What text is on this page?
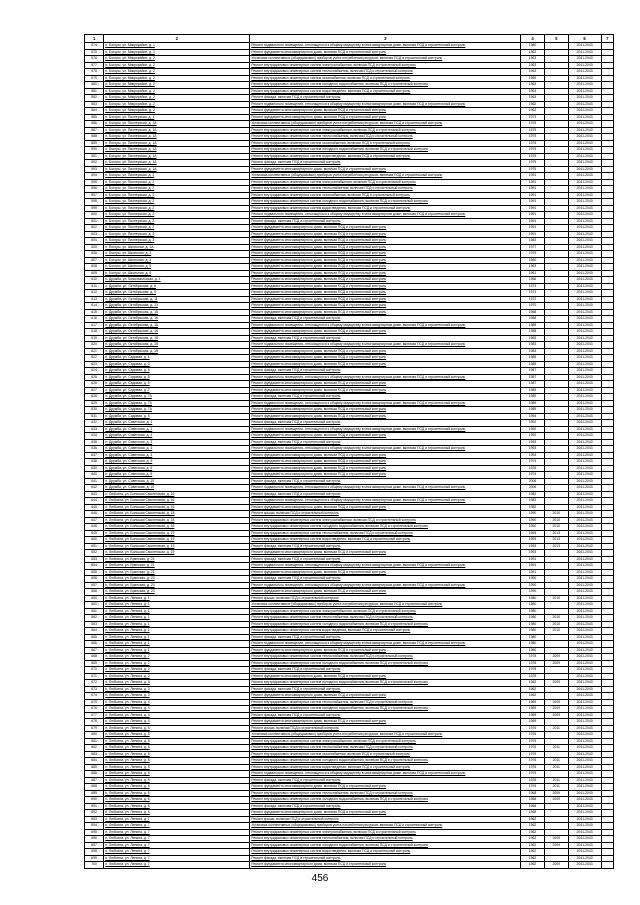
1	2	3	4	5	6	7
574	п. Богоры, ул. Микрорайон, д. 1	Ремонт подвального помещения, относящегося к общему имуществу в многоквартирном доме, включая ПСД и строительный контроль	1980		2041-2043	
575	п. Богоры, ул. Микрорайон, д. 1	Ремонт фундамента многоквартирного дома, включая ПСД и строительный контроль	1962		2041-2043	
576	п. Богоры, ул. Микрорайон, д. 2	Установка коллективных (общедомовых) приборов учета потребления ресурсов, включая ПСД и строительный контроль	1963		2041-2043	
577	п. Богоры, ул. Микрорайон, д. 2	Ремонт внутридомовых инженерных систем электроснабжения, включая ПСД и строительный контроль	1963		2041-2043	
578	п. Богоры, ул. Микрорайон, д. 2	Ремонт внутридомовых инженерных систем теплоснабжения, включая ПСД и строительный контроль	1963		2041-2043	
579	п. Богоры, ул. Микрорайон, д. 2	Ремонт внутридомовых инженерных систем газоснабжения, включая ПСД и строительный контроль	1959		2041-2043	
580	п. Богоры, ул. Микрорайон, д. 2	Ремонт внутридомовых инженерных систем холодного водоснабжения, включая ПСД и строительный контроль	1963		2041-2043	
581	п. Богоры, ул. Микрорайон, д. 2	Ремонт внутридомовых инженерных систем водоотведения, включая ПСД и строительный контроль	1963		2041-2043	
582	п. Богоры, ул. Микрорайон, д. 2	Ремонт фасада, включая ПСД и строительный контроль	1963		2041-2043	
583	п. Богоры, ул. Микрорайон, д. 2	Ремонт подвального помещения, относящегося к общему имуществу в многоквартирном доме, включая ПСД и строительный контроль	1962		2041-2043	
584	п. Богоры, ул. Микрорайон, д. 2	Ремонт фундамента многоквартирного дома, включая ПСД и строительный контроль	1962		2041-2043	
585	п. Богоры, ул. Пионерская, д. 1	Ремонт фундамента многоквартирного дома, включая ПСД и строительный контроль	1973		2041-2043	
586	п. Богоры, ул. Пионерская, д. 1А	Установка коллективных (общедомовых) приборов учета потребления ресурсов, включая ПСД и строительный контроль	1975		2041-2043	
587	п. Богоры, ул. Пионерская, д. 1А	Ремонт внутридомовых инженерных систем электроснабжения, включая ПСД и строительный контроль	1975		2041-2043	
588	п. Богоры, ул. Пионерская, д. 1А	Ремонт внутридомовых инженерных систем теплоснабжения, включая ПСД и строительный контроль	1975		2041-2043	
589	п. Богоры, ул. Пионерская, д. 1А	Ремонт внутридомовых инженерных систем газоснабжения, включая ПСД и строительный контроль	1975		2041-2043	
590	п. Богоры, ул. Пионерская, д. 1А	Ремонт внутридомовых инженерных систем холодного водоснабжения, включая ПСД и строительный контроль	1975		2041-2043	
591	п. Богоры, ул. Пионерская, д. 1А	Ремонт внутридомовых инженерных систем водоотведения, включая ПСД и строительный контроль	1975		2041-2043	
592	п. Богоры, ул. Пионерская, д. 1А	Ремонт фасада, включая ПСД и строительный контроль	1975		2041-2043	
593	п. Богоры, ул. Пионерская, д. 1А	Ремонт фундамента многоквартирного дома, включая ПСД и строительный контроль	1975		2041-2043	
594	п. Богоры, ул. Пионерская, д. 2	Установка коллективных (общедомовых) приборов учета потребления ресурсов, включая ПСД и строительный контроль	1991		2041-2043	
595	п. Богоры, ул. Пионерская, д. 2	Ремонт внутридомовых инженерных систем электроснабжения, включая ПСД и строительный контроль	1991		2041-2043	
596	п. Богоры, ул. Пионерская, д. 2	Ремонт внутридомовых инженерных систем теплоснабжения, включая ПСД и строительный контроль	1991		2041-2043	
597	п. Богоры, ул. Пионерская, д. 2	Ремонт внутридомовых инженерных систем газоснабжения, включая ПСД и строительный контроль	1991		2041-2043	
598	п. Богоры, ул. Пионерская, д. 2	Ремонт внутридомовых инженерных систем холодного водоснабжения, включая ПСД и строительный контроль	1991		2041-2043	
599	п. Богоры, ул. Пионерская, д. 2	Ремонт внутридомовых инженерных систем водоотведения, включая ПСД и строительный контроль	1991		2041-2043	
600	п. Богоры, ул. Пионерская, д. 2	Ремонт подвального помещения, относящегося к общему имуществу в многоквартирном доме, включая ПСД и строительный контроль	1991		2041-2043	
601	п. Богоры, ул. Пионерская, д. 2	Ремонт фасада, включая ПСД и строительный контроль	1991		2041-2043	
602	п. Богоры, ул. Пионерская, д. 2	Ремонт фундамента многоквартирного дома, включая ПСД и строительный контроль	1991		2041-2043	
603	п. Богоры, ул. Пионерская, д. 3	Ремонт фундамента многоквартирного дома, включая ПСД и строительный контроль	1991		2041-2043	
604	п. Богоры, ул. Пионерская, д. 3	Ремонт фундамента многоквартирного дома, включая ПСД и строительный контроль	1983		2041-2043	
605	п. Богоры, ул. Школьная, д. 1А	Ремонт фундамента многоквартирного дома, включая ПСД и строительный контроль	1977		2041-2043	
606	п. Богоры, ул. Школьная, д. 3	Ремонт фундамента многоквартирного дома, включая ПСД и строительный контроль	1979		2041-2043	
607	п. Богоры, ул. Школьная, д. 4	Ремонт фундамента многоквартирного дома, включая ПСД и строительный контроль	1960		2041-2043	
608	п. Богоры, ул. Школьная, д. 5	Ремонт фундамента многоквартирного дома, включая ПСД и строительный контроль	1963		2041-2043	
609	п. Богоры, ул. Школьная, д. 6	Ремонт фундамента многоквартирного дома, включая ПСД и строительный контроль	1961		2041-2043	
610	п. Дружба, ул. Комсомольская, д. 1	Ремонт фундамента многоквартирного дома, включая ПСД и строительный контроль	1966		2041-2043	
611	п. Дружба, ул. Октябрьская, д. 6	Ремонт фундамента многоквартирного дома, включая ПСД и строительный контроль	1973		2041-2043	
612	п. Дружба, ул. Октябрьская, д. 9	Ремонт фундамента многоквартирного дома, включая ПСД и строительный контроль	1973		2041-2043	
613	п. Дружба, ул. Октябрьская, д. 11	Ремонт фундамента многоквартирного дома, включая ПСД и строительный контроль	1972		2041-2043	
614	п. Дружба, ул. Октябрьская, д. 13	Ремонт фундамента многоквартирного дома, включая ПСД и строительный контроль	1970		2041-2043	
615	п. Дружба, ул. Октябрьская, д. 15	Ремонт фундамента многоквартирного дома, включая ПСД и строительный контроль	1968		2041-2043	
616	п. Дружба, ул. Октябрьская, д. 16	Ремонт фасада, включая ПСД и строительный контроль	1988		2041-2043	
617	п. Дружба, ул. Октябрьская, д. 16	Ремонт подвального помещения, относящегося к общему имуществу в многоквартирном доме, включая ПСД и строительный контроль	1988		2041-2043	
618	п. Дружба, ул. Октябрьская, д. 16	Ремонт фундамента многоквартирного дома, включая ПСД и строительный контроль	1988		2041-2043	
619	п. Дружба, ул. Октябрьская, д. 18	Ремонт фасада, включая ПСД и строительный контроль	1983		2041-2043	
620	п. Дружба, ул. Октябрьская, д. 18	Ремонт подвального помещения, относящегося к общему имуществу в многоквартирном доме, включая ПСД и строительный контроль	1983		2041-2043	
621	п. Дружба, ул. Октябрьская, д. 18	Ремонт фундамента многоквартирного дома, включая ПСД и строительный контроль	1983		2041-2043	
622	п. Дружба, ул. Садовая, д. 1	Ремонт фундамента многоквартирного дома, включая ПСД и строительный контроль	1985		2041-2043	
623	п. Дружба, ул. Садовая, д. 3	Ремонт фундамента многоквартирного дома, включая ПСД и строительный контроль	1985		2041-2043	
624	п. Дружба, ул. Садовая, д. 5	Ремонт фасада, включая ПСД и строительный контроль	1987		2041-2043	
625	п. Дружба, ул. Садовая, д. 5	Ремонт подвального помещения, относящегося к общему имуществу в многоквартирном доме, включая ПСД и строительный контроль	1987		2041-2043	
626	п. Дружба, ул. Садовая, д. 5	Ремонт фундамента многоквартирного дома, включая ПСД и строительный контроль	1987		2041-2043	
627	п. Дружба, ул. Садовая, д. 7	Ремонт фундамента многоквартирного дома, включая ПСД и строительный контроль	1989		2041-2043	
628	п. Дружба, ул. Садовая, д. 7А	Ремонт фасада, включая ПСД и строительный контроль	1989		2041-2043	
629	п. Дружба, ул. Садовая, д. 7А	Ремонт подвального помещения, относящегося к общему имуществу в многоквартирном доме, включая ПСД и строительный контроль	1989		2041-2043	
630	п. Дружба, ул. Садовая, д. 7А	Ремонт фундамента многоквартирного дома, включая ПСД и строительный контроль	1989		2041-2043	
631	п. Дружба, ул. Садовая, д. 9	Ремонт фундамента многоквартирного дома, включая ПСД и строительный контроль	1994		2041-2043	
632	п. Дружба, ул. Советская, д. 1	Ремонт фасада, включая ПСД и строительный контроль	1992		2041-2043	
633	п. Дружба, ул. Советская, д. 1	Ремонт подвального помещения, относящегося к общему имуществу в многоквартирном доме, включая ПСД и строительный контроль	1992		2041-2043	
634	п. Дружба, ул. Советская, д. 1	Ремонт фундамента многоквартирного дома, включая ПСД и строительный контроль	1992		2041-2043	
635	п. Дружба, ул. Советская, д. 3	Ремонт фасада, включая ПСД и строительный контроль	1993		2041-2043	
636	п. Дружба, ул. Советская, д. 3	Ремонт подвального помещения, относящегося к общему имуществу в многоквартирном доме, включая ПСД и строительный контроль	1993		2041-2043	
637	п. Дружба, ул. Советская, д. 3	Ремонт фундамента многоквартирного дома, включая ПСД и строительный контроль	1993		2041-2043	
638	п. Дружба, ул. Советская, д. 4	Ремонт фундамента многоквартирного дома, включая ПСД и строительный контроль	1974		2041-2043	
639	п. Дружба, ул. Советская, д. 6	Ремонт фундамента многоквартирного дома, включая ПСД и строительный контроль	1976		2041-2043	
640	п. Дружба, ул. Советская, д. 8	Ремонт фундамента многоквартирного дома, включая ПСД и строительный контроль	1974		2041-2043	
641	п. Дружба, ул. Советская, д. 10	Ремонт фасада, включая ПСД и строительный контроль	2006		2041-2043	
642	п. Дружба, ул. Советская, д. 10	Ремонт подвального помещения, относящегося к общему имуществу в многоквартирном доме, включая ПСД и строительный контроль	2006		2041-2043	
643	п. Любохна, ул. Большая Смоленская, д. 16	Ремонт фасада, включая ПСД и строительный контроль	1982		2041-2043	
644	п. Любохна, ул. Большая Смоленская, д. 16	Ремонт подвального помещения, относящегося к общему имуществу в многоквартирном доме, включая ПСД и строительный контроль	1982		2041-2043	
645	п. Любохна, ул. Большая Смоленская, д. 16	Ремонт фундамента многоквартирного дома, включая ПСД и строительный контроль	1982		2041-2043	
646	п. Любохна, ул. Большая Смоленская, д. 18	Ремонт крыши, включая ПСД и строительный контроль	1990	2010	2041-2043	
647	п. Любохна, ул. Большая Смоленская, д. 18	Ремонт внутридомовых инженерных систем электроснабжения, включая ПСД и строительный контроль	1990	2010	2041-2043	
648	п. Любохна, ул. Большая Смоленская, д. 18	Ремонт внутридомовых инженерных систем холодного водоснабжения, включая ПСД и строительный контроль	1990	2010	2041-2043	
649	п. Любохна, ул. Большая Смоленская, д. 19	Ремонт внутридомовых инженерных систем теплоснабжения, включая ПСД и строительный контроль	1993	2013	2041-2043	
650	п. Любохна, ул. Большая Смоленская, д. 19	Ремонт внутридомовых инженерных систем водоотведения, включая ПСД и строительный контроль	1993	2013	2041-2043	
651	п. Любохна, ул. Большая Смоленская, д. 19	Ремонт фасада, включая ПСД и строительный контроль	1993	2013	2041-2043	
652	п. Любохна, ул. Большая Смоленская, д. 19	Ремонт фундамента многоквартирного дома, включая ПСД и строительный контроль	1993		2041-2043	
653	п. Любохна, ул. Брянская, д. 21	Ремонт фасада, включая ПСД и строительный контроль	1991		2041-2043	
654	п. Любохна, ул. Брянская, д. 21	Ремонт подвального помещения, относящегося к общему имуществу в многоквартирном доме, включая ПСД и строительный контроль	1991		2041-2043	
655	п. Любохна, ул. Брянская, д. 21	Ремонт фундамента многоквартирного дома, включая ПСД и строительный контроль	1991		2041-2043	
656	п. Любохна, ул. Брянская, д. 23	Ремонт фасада, включая ПСД и строительный контроль	1990		2041-2043	
657	п. Любохна, ул. Брянская, д. 23	Ремонт подвального помещения, относящегося к общему имуществу в многоквартирном доме, включая ПСД и строительный контроль	1990		2041-2043	
658	п. Любохна, ул. Брянская, д. 23	Ремонт фундамента многоквартирного дома, включая ПСД и строительный контроль	1990		2041-2043	
659	п. Любохна, ул. Ленина, д. 1	Ремонт крыши, включая ПСД и строительный контроль	1980	2010	2041-2043	
660	п. Любохна, ул. Ленина, д. 1	Установка коллективных (общедомовых) приборов учета потребления ресурсов, включая ПСД и строительный контроль	1980		2041-2043	
661	п. Любохна, ул. Ленина, д. 1	Ремонт внутридомовых инженерных систем электроснабжения, включая ПСД и строительный контроль	1980		2041-2043	
662	п. Любохна, ул. Ленина, д. 1	Ремонт внутридомовых инженерных систем теплоснабжения, включая ПСД и строительный контроль	1980	2010	2041-2043	
663	п. Любохна, ул. Ленина, д. 1	Ремонт внутридомовых инженерных систем холодного водоснабжения, включая ПСД и строительный контроль	1980	2010	2041-2043	
664	п. Любохна, ул. Ленина, д. 1	Ремонт внутридомовых инженерных систем водоотведения, включая ПСД и строительный контроль	1980	2010	2041-2043	
665	п. Любохна, ул. Ленина, д. 1	Ремонт фасада, включая ПСД и строительный контроль	1980		2041-2043	
666	п. Любохна, ул. Ленина, д. 1	Ремонт подвального помещения, относящегося к общему имуществу в многоквартирном доме, включая ПСД и строительный контроль	1980		2041-2043	
667	п. Любохна, ул. Ленина, д. 1	Ремонт фундамента многоквартирного дома, включая ПСД и строительный контроль	1980		2041-2043	
668	п. Любохна, ул. Ленина, д. 2	Ремонт внутридомовых инженерных систем теплоснабжения, включая ПСД и строительный контроль	1978	2009	2041-2043	
669	п. Любохна, ул. Ленина, д. 2	Ремонт внутридомовых инженерных систем холодного водоснабжения, включая ПСД и строительный контроль	1978	2009	2041-2043	
670	п. Любохна, ул. Ленина, д. 2	Ремонт фасада, включая ПСД и строительный контроль	1978		2041-2043	
671	п. Любохна, ул. Ленина, д. 2	Ремонт фундамента многоквартирного дома, включая ПСД и строительный контроль	1978		2041-2043	
672	п. Любохна, ул. Ленина, д. 3	Ремонт внутридомовых инженерных систем холодного водоснабжения, включая ПСД и строительный контроль	1962	2009	2041-2043	
673	п. Любохна, ул. Ленина, д. 3	Ремонт фасада, включая ПСД и строительный контроль	1962		2041-2043	
674	п. Любохна, ул. Ленина, д. 3	Ремонт фундамента многоквартирного дома, включая ПСД и строительный контроль	1962		2041-2043	
675	п. Любохна, ул. Ленина, д. 4	Ремонт внутридомовых инженерных систем теплоснабжения, включая ПСД и строительный контроль	1969	2009	2041-2043	
676	п. Любохна, ул. Ленина, д. 4	Ремонт внутридомовых инженерных систем холодного водоснабжения, включая ПСД и строительный контроль	1969	2009	2041-2043	
677	п. Любохна, ул. Ленина, д. 4	Ремонт фасада, включая ПСД и строительный контроль	1969	2009	2041-2043	
678	п. Любохна, ул. Ленина, д. 4	Ремонт фундамента многоквартирного дома, включая ПСД и строительный контроль	1969		2041-2043	
679	п. Любохна, ул. Ленина, д. 5	Ремонт крыши, включая ПСД и строительный контроль	1976	2011	2041-2043	
680	п. Любохна, ул. Ленина, д. 5	Установка коллективных (общедомовых) приборов учета потребления ресурсов, включая ПСД и строительный контроль	1976		2041-2043	
681	п. Любохна, ул. Ленина, д. 5	Ремонт внутридомовых инженерных систем электроснабжения, включая ПСД и строительный контроль	1976		2041-2043	
682	п. Любохна, ул. Ленина, д. 5	Ремонт внутридомовых инженерных систем теплоснабжения, включая ПСД и строительный контроль	1976	2011	2041-2043	
683	п. Любохна, ул. Ленина, д. 5	Ремонт внутридомовых инженерных систем газоснабжения, включая ПСД и строительный контроль	1976		2041-2043	
684	п. Любохна, ул. Ленина, д. 5	Ремонт внутридомовых инженерных систем холодного водоснабжения, включая ПСД и строительный контроль	1976	2011	2041-2043	
685	п. Любохна, ул. Ленина, д. 5	Ремонт внутридомовых инженерных систем водоотведения, включая ПСД и строительный контроль	1976	2011	2041-2043	
686	п. Любохна, ул. Ленина, д. 5	Ремонт подвального помещения, относящегося к общему имуществу в многоквартирном доме, включая ПСД и строительный контроль	1976		2041-2043	
687	п. Любохна, ул. Ленина, д. 5	Ремонт фасада, включая ПСД и строительный контроль	1976	2011	2041-2043	
688	п. Любохна, ул. Ленина, д. 5	Ремонт фундамента многоквартирного дома, включая ПСД и строительный контроль	1976	2011	2041-2043	
689	п. Любохна, ул. Ленина, д. 6	Ремонт внутридомовых инженерных систем теплоснабжения, включая ПСД и строительный контроль	1968	2009	2041-2043	
690	п. Любохна, ул. Ленина, д. 6	Ремонт внутридомовых инженерных систем холодного водоснабжения, включая ПСД и строительный контроль	1968	2009	2041-2043	
691	п. Любохна, ул. Ленина, д. 6	Ремонт фасада, включая ПСД и строительный контроль	1968		2041-2043	
692	п. Любохна, ул. Ленина, д. 6	Ремонт фундамента многоквартирного дома, включая ПСД и строительный контроль	1968		2041-2043	
693	п. Любохна, ул. Ленина, д. 7	Ремонт крыши, включая ПСД и строительный контроль	1962		2041-2043	
694	п. Любохна, ул. Ленина, д. 7	Установка коллективных (общедомовых) приборов учета потребления ресурсов, включая ПСД и строительный контроль	1962		2041-2043	
695	п. Любохна, ул. Ленина, д. 7	Ремонт внутридомовых инженерных систем электроснабжения, включая ПСД и строительный контроль	1962		2041-2043	
696	п. Любохна, ул. Ленина, д. 7	Ремонт внутридомовых инженерных систем теплоснабжения, включая ПСД и строительный контроль	1962	2009	2041-2043	
697	п. Любохна, ул. Ленина, д. 7	Ремонт внутридомовых инженерных систем холодного водоснабжения, включая ПСД и строительный контроль	1962	2009	2041-2043	
698	п. Любохна, ул. Ленина, д. 7	Ремонт внутридомовых инженерных систем водоотведения, включая ПСД и строительный контроль	1962		2041-2043	
699	п. Любохна, ул. Ленина, д. 7	Ремонт фасада, включая ПСД и строительный контроль	1962		2041-2043	
700	п. Любохна, ул. Ленина, д. 7	Ремонт фундамента многоквартирного дома, включая ПСД и строительный контроль	1962	2009	2041-2043	
456
